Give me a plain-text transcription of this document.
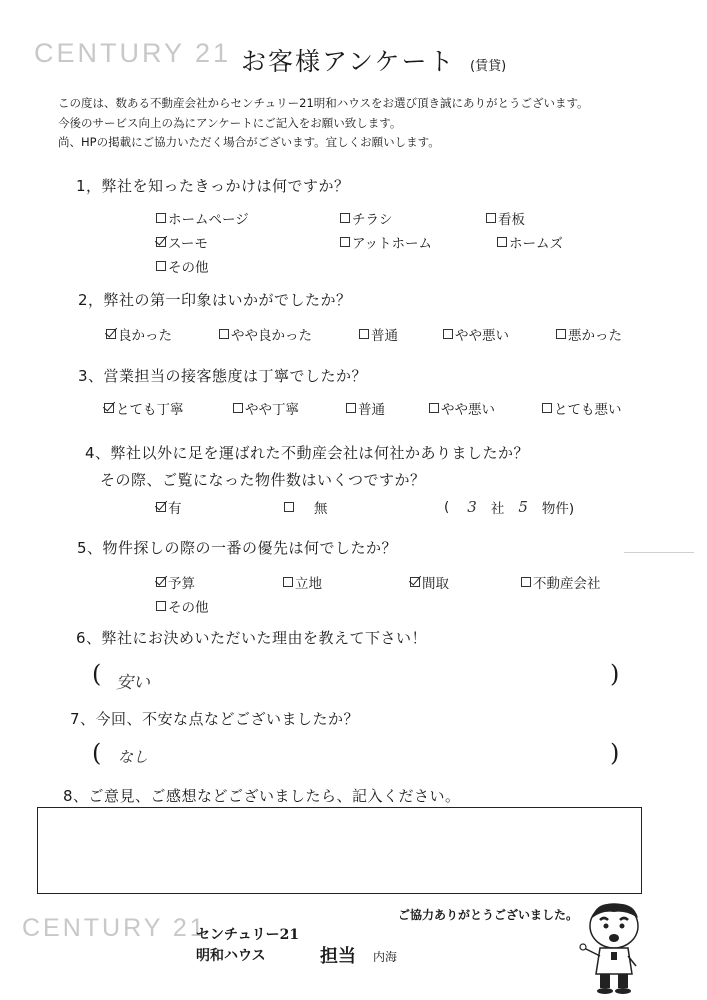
CENTURY 21 お客様アンケート (賃貸)
この度は、数ある不動産会社からセンチュリー21明和ハウスをお選び頂き誠にありがとうございます。
今後のサービス向上の為にアンケートにご記入をお願い致します。
尚、HPの掲載にご協力いただく場合がございます。宜しくお願いします。
1，弊社を知ったきっかけは何ですか？
ホームページ	チラシ	看板
スーモ	アットホーム	ホームズ
その他
2，弊社の第一印象はいかがでしたか？
良かった	やや良かった	普通	やや悪い	悪かった
3、営業担当の接客態度は丁寧でしたか？
とても丁寧	やや丁寧	普通	やや悪い	とても悪い
4、弊社以外に足を運ばれた不動産会社は何社かありましたか？
その際、ご覧になった物件数はいくつですか？
有	無	( 3 社 5 物件)
5、物件探しの際の一番の優先は何でしたか？
予算	立地	間取	不動産会社
その他
6、弊社にお決めいただいた理由を教えて下さい！
( 安い	)
7、今回、不安な点などございましたか？
( なし	)
8、ご意見、ご感想などございましたら、記入ください。
ご協力ありがとうございました。
CENTURY 21
センチュリー21
明和ハウス	担当 内海
